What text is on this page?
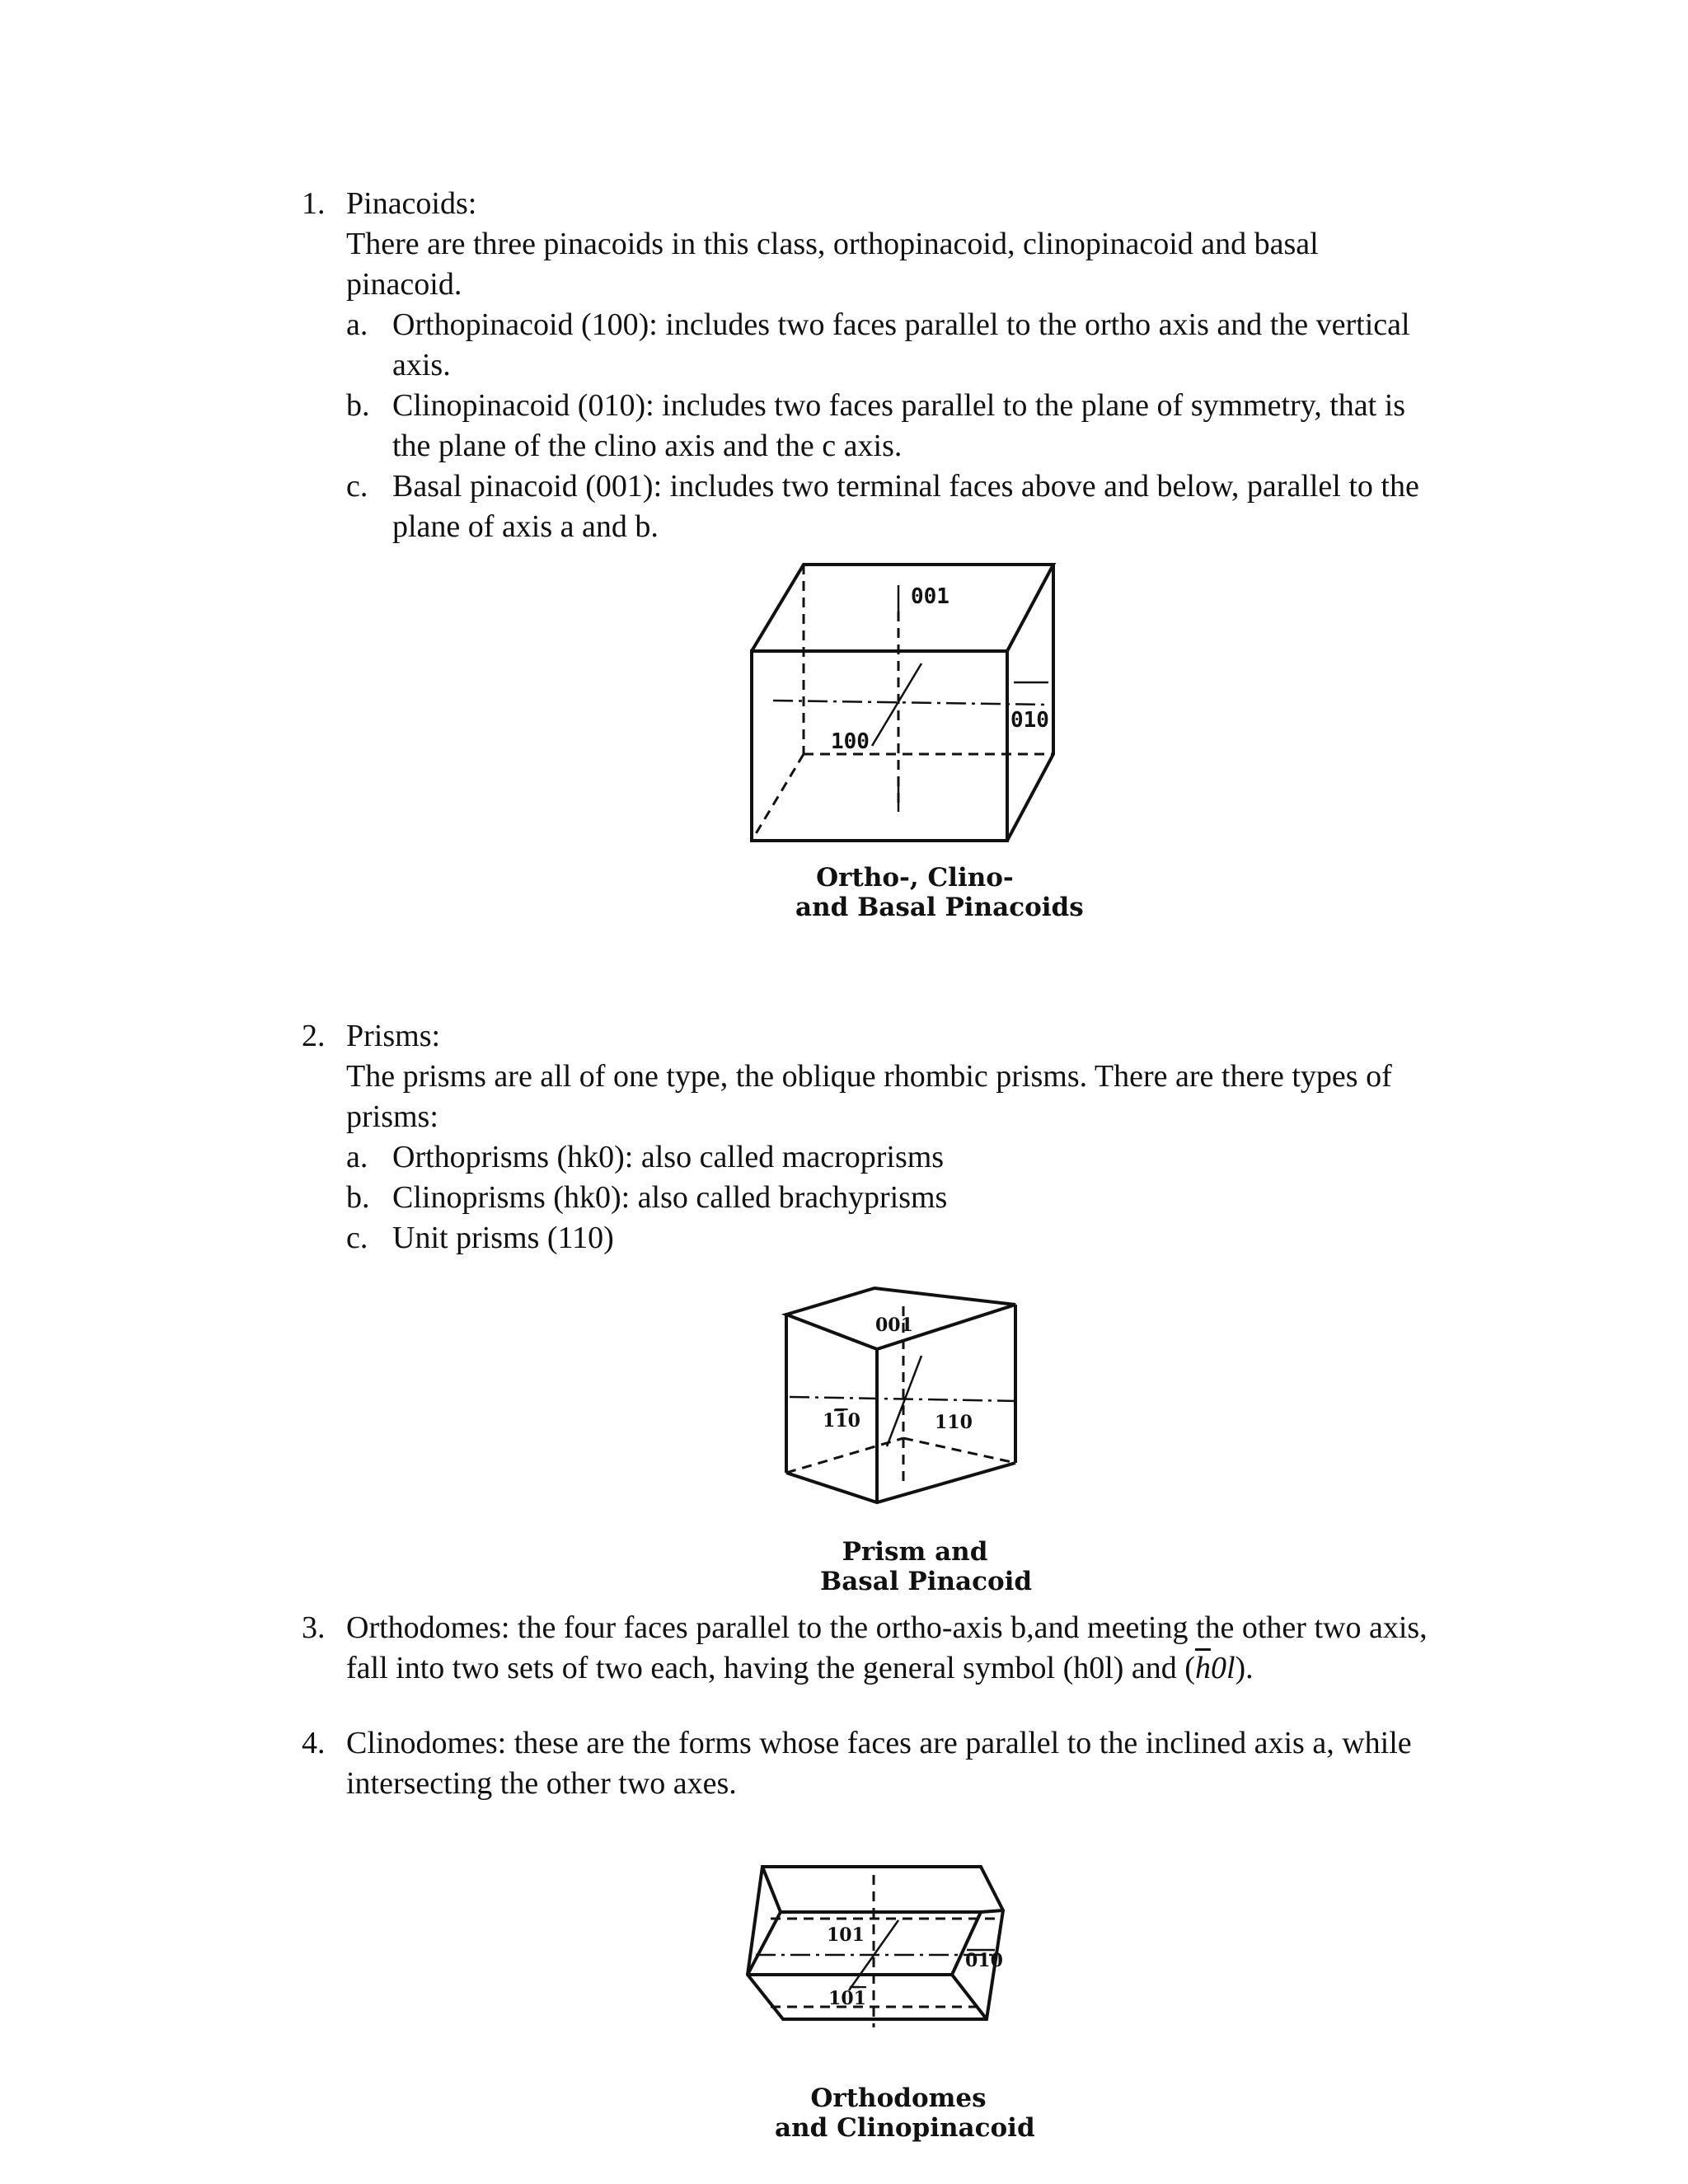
1. Pinacoids:
There are three pinacoids in this class, orthopinacoid, clinopinacoid and basal
pinacoid.
a. Orthopinacoid (100): includes two faces parallel to the ortho axis and the vertical
axis.
b. Clinopinacoid (010): includes two faces parallel to the plane of symmetry, that is
the plane of the clino axis and the c axis.
c. Basal pinacoid (001): includes two terminal faces above and below, parallel to the
plane of axis a and b.
001
010
100
Ortho-, Clino-
and Basal Pinacoids
2. Prisms:
The prisms are all of one type, the oblique rhombic prisms. There are there types of
prisms:
a. Orthoprisms (hk0): also called macroprisms
b. Clinoprisms (hk0): also called brachyprisms
c. Unit prisms (110)
001
110	110
Prism and
Basal Pinacoid
3. Orthodomes: the four faces parallel to the ortho-axis b,and meeting the other two axis,
fall into two sets of two each, having the general symbol (h0l) and $(\overline{h}0l)$.
4. Clinodomes: these are the forms whose faces are parallel to the inclined axis a, while
intersecting the other two axes.
101
010
101
Orthodomes
and Clinopinacoid
